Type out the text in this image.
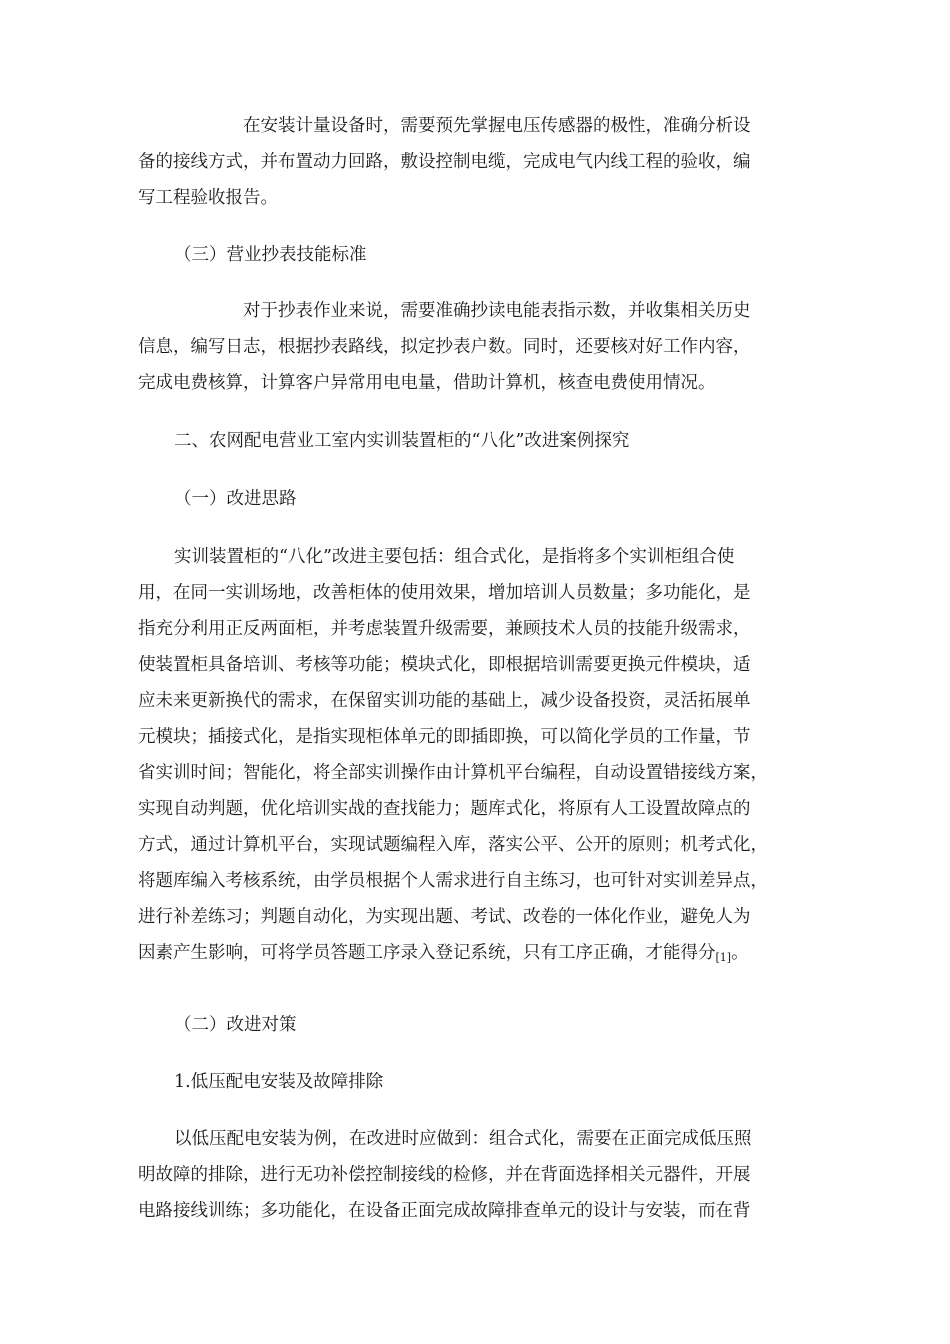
在安装计量设备时，需要预先掌握电压传感器的极性，准确分析设

备的接线方式，并布置动力回路，敷设控制电缆，完成电气内线工程的验收，编

写工程验收报告。

（三）营业抄表技能标准

对于抄表作业来说，需要准确抄读电能表指示数，并收集相关历史

信息，编写日志，根据抄表路线，拟定抄表户数。同时，还要核对好工作内容，

完成电费核算，计算客户异常用电电量，借助计算机，核查电费使用情况。

二、农网配电营业工室内实训装置柜的“八化”改进案例探究

（一）改进思路

实训装置柜的“八化”改进主要包括：组合式化，是指将多个实训柜组合使

用，在同一实训场地，改善柜体的使用效果，增加培训人员数量；多功能化，是

指充分利用正反两面柜，并考虑装置升级需要，兼顾技术人员的技能升级需求，

使装置柜具备培训、考核等功能；模块式化，即根据培训需要更换元件模块，适

应未来更新换代的需求，在保留实训功能的基础上，减少设备投资，灵活拓展单

元模块；插接式化，是指实现柜体单元的即插即换，可以简化学员的工作量，节

省实训时间；智能化，将全部实训操作由计算机平台编程，自动设置错接线方案，

实现自动判题，优化培训实战的查找能力；题库式化，将原有人工设置故障点的

方式，通过计算机平台，实现试题编程入库，落实公平、公开的原则；机考式化，

将题库编入考核系统，由学员根据个人需求进行自主练习，也可针对实训差异点，

进行补差练习；判题自动化，为实现出题、考试、改卷的一体化作业，避免人为

因素产生影响，可将学员答题工序录入登记系统，只有工序正确，才能得分[1]。

（二）改进对策

1.低压配电安装及故障排除

以低压配电安装为例，在改进时应做到：组合式化，需要在正面完成低压照

明故障的排除，进行无功补偿控制接线的检修，并在背面选择相关元器件，开展

电路接线训练；多功能化，在设备正面完成故障排查单元的设计与安装，而在背
